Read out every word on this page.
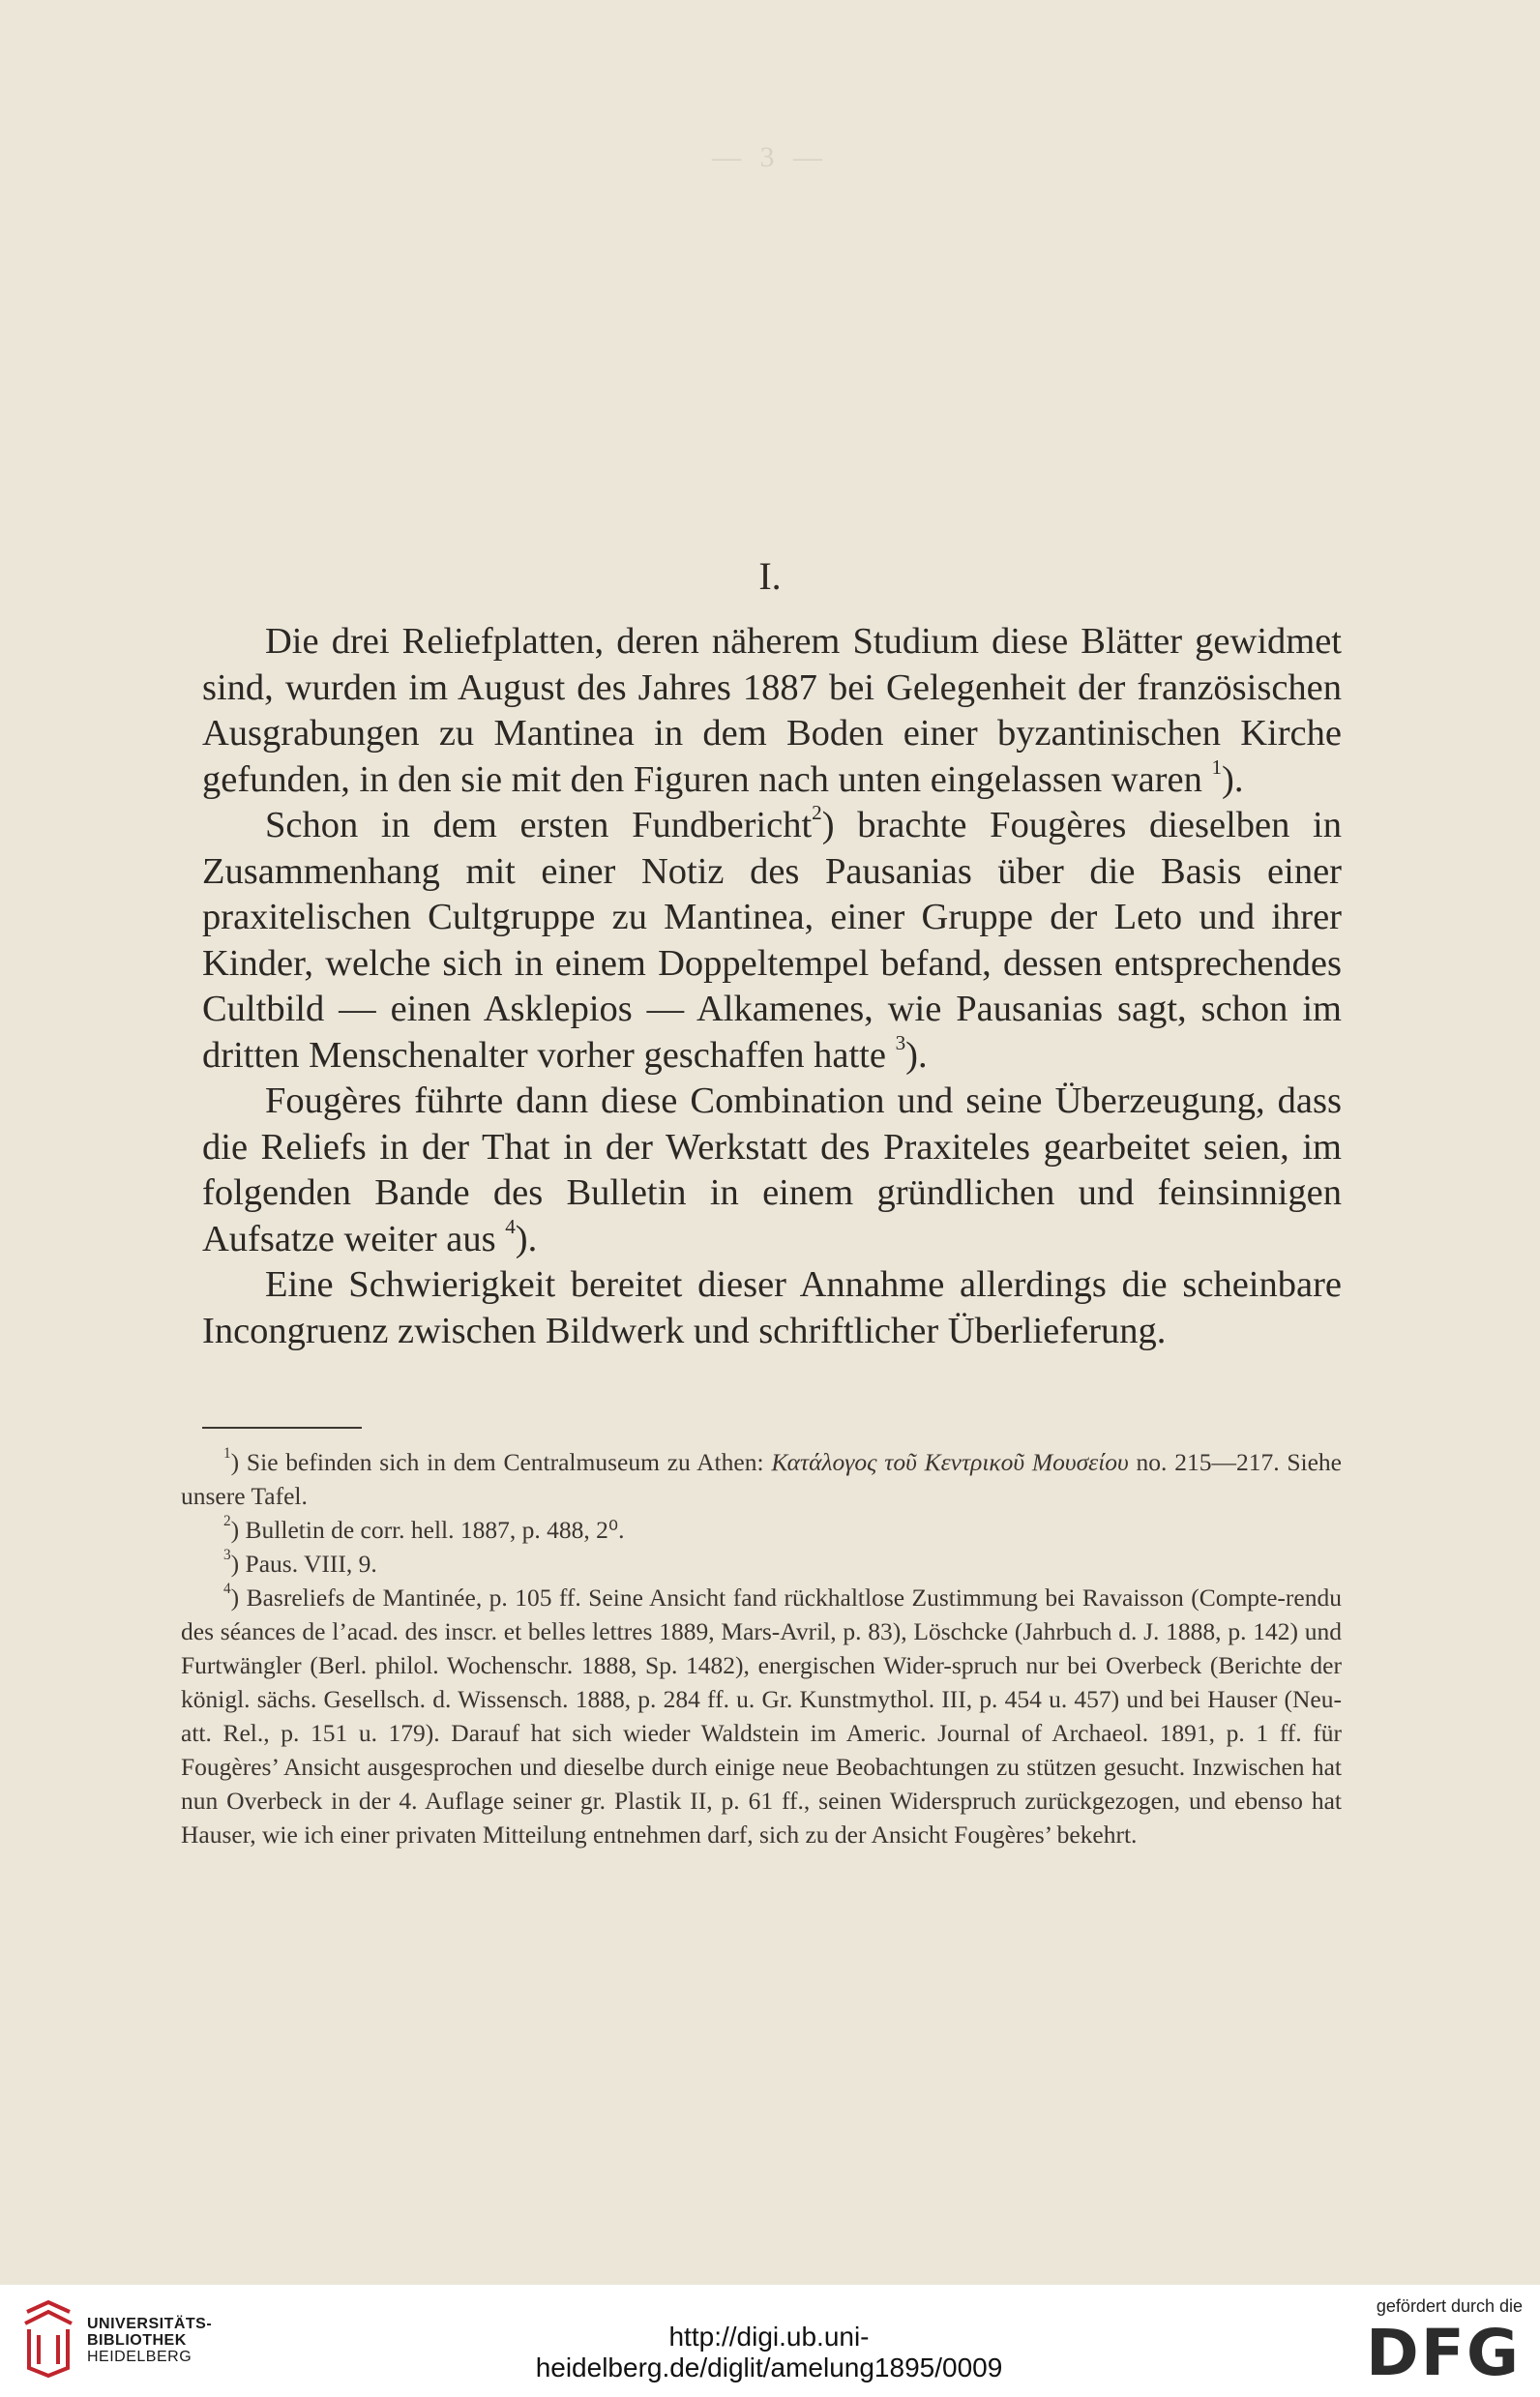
— 3 —
I.

Die drei Reliefplatten, deren näherem Studium diese Blätter gewidmet sind, wurden im August des Jahres 1887 bei Gelegenheit der französischen Ausgrabungen zu Mantinea in dem Boden einer byzantinischen Kirche gefunden, in den sie mit den Figuren nach unten eingelassen waren $^1$).

Schon in dem ersten Fundbericht$^2$) brachte Fougères dieselben in Zusammenhang mit einer Notiz des Pausanias über die Basis einer praxitelischen Cultgruppe zu Mantinea, einer Gruppe der Leto und ihrer Kinder, welche sich in einem Doppeltempel befand, dessen entsprechendes Cultbild — einen Asklepios — Alkamenes, wie Pausanias sagt, schon im dritten Menschenalter vorher geschaffen hatte $^3$).

Fougères führte dann diese Combination und seine Überzeugung, dass die Reliefs in der That in der Werkstatt des Praxiteles gearbeitet seien, im folgenden Bande des Bulletin in einem gründlichen und feinsinnigen Aufsatze weiter aus $^4$).

Eine Schwierigkeit bereitet dieser Annahme allerdings die scheinbare Incongruenz zwischen Bildwerk und schriftlicher Überlieferung.

$^1$) Sie befinden sich in dem Centralmuseum zu Athen: Κατάλογος τοῦ Κεντρικοῦ Μουσείου no. 215—217. Siehe unsere Tafel.

$^2$) Bulletin de corr. hell. 1887, p. 488, 2⁰.

$^3$) Paus. VIII, 9.

$^4$) Basreliefs de Mantinée, p. 105 ff. Seine Ansicht fand rückhaltlose Zustimmung bei Ravaisson (Compte-rendu des séances de l’acad. des inscr. et belles lettres 1889, Mars-Avril, p. 83), Löschcke (Jahrbuch d. J. 1888, p. 142) und Furtwängler (Berl. philol. Wochenschr. 1888, Sp. 1482), energischen Wider-spruch nur bei Overbeck (Berichte der königl. sächs. Gesellsch. d. Wissensch. 1888, p. 284 ff. u. Gr. Kunstmythol. III, p. 454 u. 457) und bei Hauser (Neu-att. Rel., p. 151 u. 179). Darauf hat sich wieder Waldstein im Americ. Journal of Archaeol. 1891, p. 1 ff. für Fougères’ Ansicht ausgesprochen und dieselbe durch einige neue Beobachtungen zu stützen gesucht. Inzwischen hat nun Overbeck in der 4. Auflage seiner gr. Plastik II, p. 61 ff., seinen Widerspruch zurückgezogen, und ebenso hat Hauser, wie ich einer privaten Mitteilung entnehmen darf, sich zu der Ansicht Fougères’ bekehrt.

UNIVERSITÄTS-
BIBLIOTHEK
HEIDELBERG
http://digi.ub.uni-heidelberg.de/diglit/amelung1895/0009
gefördert durch die
DFG
